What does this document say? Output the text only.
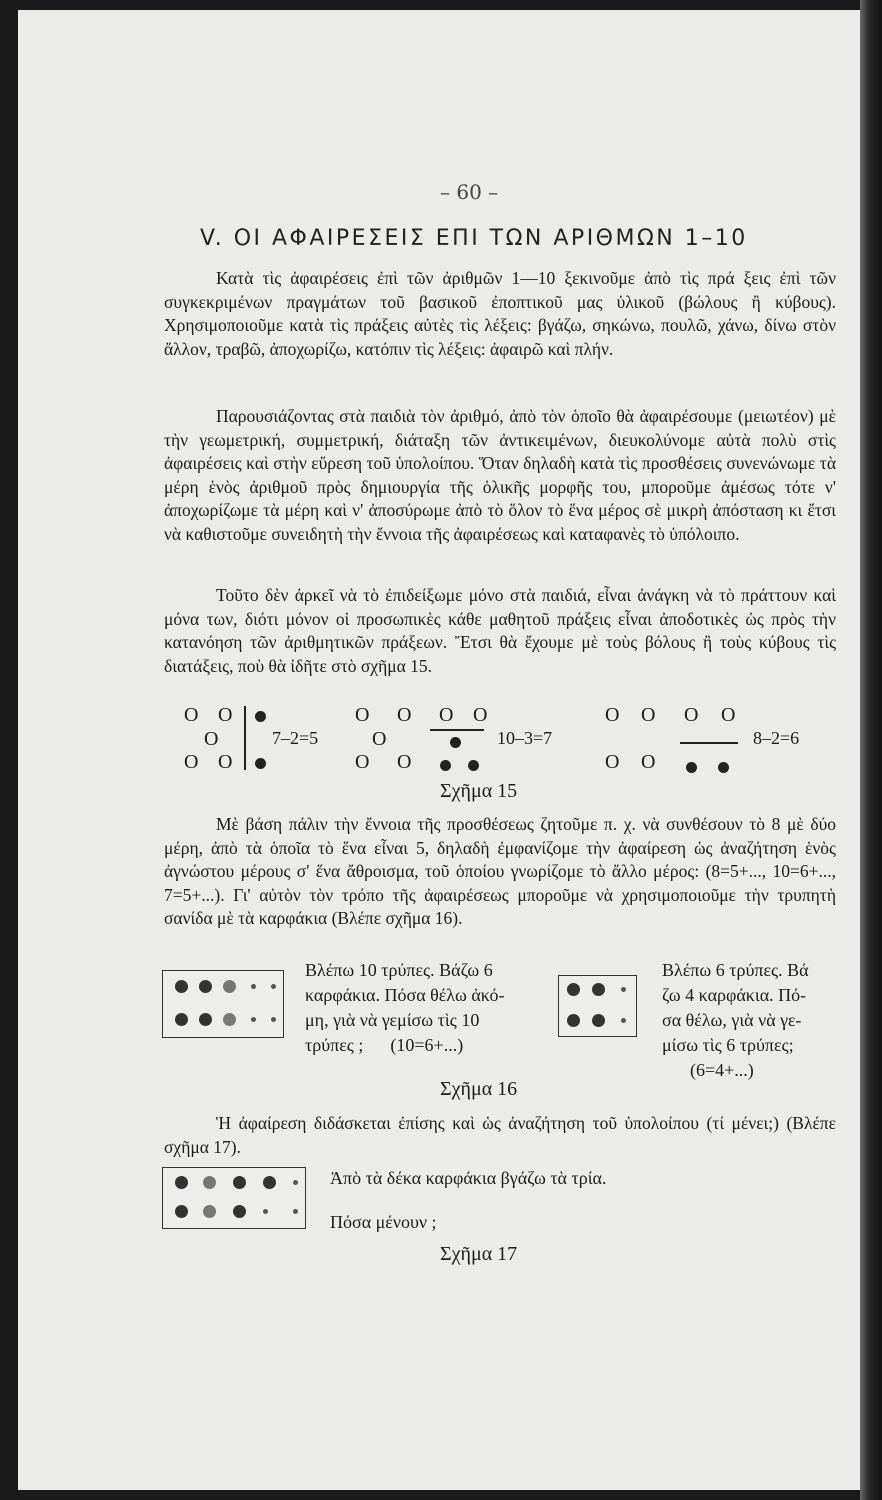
– 60 –
V. ΟΙ ΑΦΑΙΡΕΣΕΙΣ ΕΠΙ ΤΩΝ ΑΡΙΘΜΩΝ 1–10
Κατὰ τὶς ἀφαιρέσεις ἐπὶ τῶν ἀριθμῶν 1—10 ξεκινοῦμε ἀπὸ τὶς πρά ξεις ἐπὶ τῶν συγκεκριμένων πραγμάτων τοῦ βασικοῦ ἐποπτικοῦ μας ὑλικοῦ (βώλους ἢ κύβους). Χρησιμοποιοῦμε κατὰ τὶς πράξεις αὐτὲς τὶς λέξεις: βγάζω, σηκώνω, πουλῶ, χάνω, δίνω στὸν ἄλλον, τραβῶ, ἀποχωρίζω, κατόπιν τὶς λέξεις: ἀφαιρῶ καὶ πλήν.
Παρουσιάζοντας στὰ παιδιὰ τὸν ἀριθμό, ἀπὸ τὸν ὁποῖο θὰ ἀφαιρέσουμε (μειωτέον) μὲ τὴν γεωμετρική, συμμετρική, διάταξη τῶν ἀντικειμένων, διευκολύνομε αὐτὰ πολὺ στὶς ἀφαιρέσεις καὶ στὴν εὕρεση τοῦ ὑπολοίπου. Ὅταν δηλαδὴ κατὰ τὶς προσθέσεις συνενώνωμε τὰ μέρη ἑνὸς ἀριθμοῦ πρὸς δημιουργία τῆς ὁλικῆς μορφῆς του, μποροῦμε ἀμέσως τότε ν' ἀποχωρίζωμε τὰ μέρη καὶ ν' ἀποσύρωμε ἀπὸ τὸ ὅλον τὸ ἕνα μέρος σὲ μικρὴ ἀπόσταση κι ἔτσι νὰ καθιστοῦμε συνειδητὴ τὴν ἔννοια τῆς ἀφαιρέσεως καὶ καταφανὲς τὸ ὑπόλοιπο.
Τοῦτο δὲν ἀρκεῖ νὰ τὸ ἐπιδείξωμε μόνο στὰ παιδιά, εἶναι ἀνάγκη νὰ τὸ πράττουν καὶ μόνα των, διότι μόνον οἱ προσωπικὲς κάθε μαθητοῦ πράξεις εἶναι ἀποδοτικὲς ὡς πρὸς τὴν κατανόηση τῶν ἀριθμητικῶν πράξεων. Ἔτσι θὰ ἔχουμε μὲ τοὺς βόλους ἢ τοὺς κύβους τὶς διατάξεις, ποὺ θὰ ἰδῆτε στὸ σχῆμα 15.
O O
O
O O
7–2=5
O O O O
O
O O
10–3=7
O O O O
O O
8–2=6
Σχῆμα 15
Μὲ βάση πάλιν τὴν ἔννοια τῆς προσθέσεως ζητοῦμε π. χ. νὰ συνθέσουν τὸ 8 μὲ δύο μέρη, ἀπὸ τὰ ὁποῖα τὸ ἕνα εἶναι 5, δηλαδὴ ἐμφανίζομε τὴν ἀφαίρεση ὡς ἀναζήτηση ἑνὸς ἀγνώστου μέρους σ' ἕνα ἄθροισμα, τοῦ ὁποίου γνωρίζομε τὸ ἄλλο μέρος: (8=5+..., 10=6+..., 7=5+...). Γι' αὐτὸν τὸν τρόπο τῆς ἀφαιρέσεως μποροῦμε νὰ χρησιμοποιοῦμε τὴν τρυπητὴ σανίδα μὲ τὰ καρφάκια (Βλέπε σχῆμα 16).
Βλέπω 10 τρύπες. Βάζω 6
καρφάκια. Πόσα θέλω ἀκό-
μη, γιὰ νὰ γεμίσω τὶς 10
τρύπες ;      (10=6+...)
Βλέπω 6 τρύπες. Βά
ζω 4 καρφάκια. Πό-
σα θέλω, γιὰ νὰ γε-
μίσω τὶς 6 τρύπες;
(6=4+...)
Σχῆμα 16
Ἡ ἀφαίρεση διδάσκεται ἐπίσης καὶ ὡς ἀναζήτηση τοῦ ὑπολοίπου (τί μένει;) (Βλέπε σχῆμα 17).
Ἀπὸ τὰ δέκα καρφάκια βγάζω τὰ τρία.
Πόσα μένουν ;
Σχῆμα 17
